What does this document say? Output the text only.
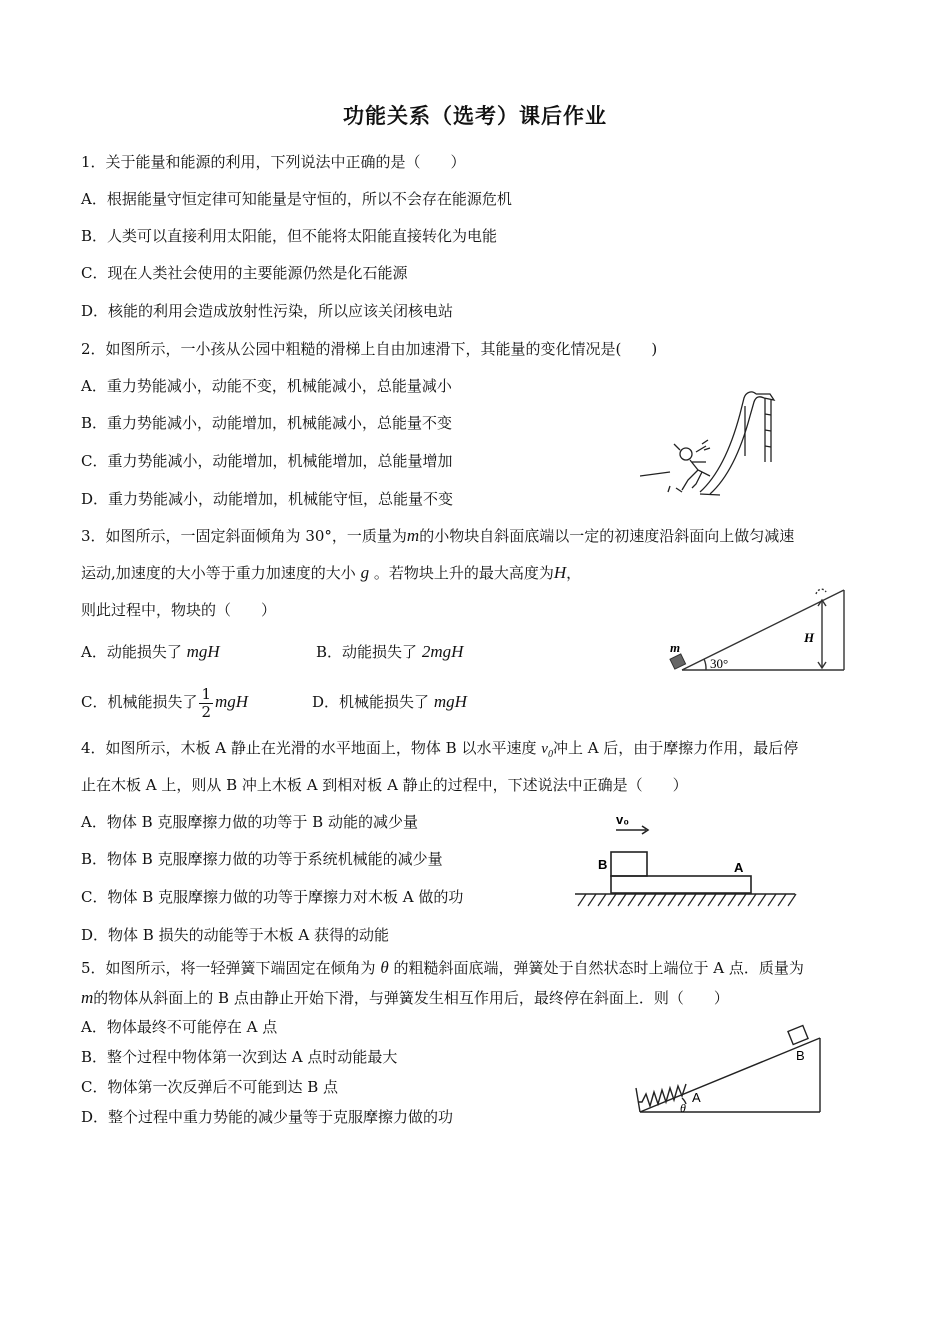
功能关系（选考）课后作业
1．关于能量和能源的利用，下列说法中正确的是（　　）
A．根据能量守恒定律可知能量是守恒的，所以不会存在能源危机
B．人类可以直接利用太阳能，但不能将太阳能直接转化为电能
C．现在人类社会使用的主要能源仍然是化石能源
D．核能的利用会造成放射性污染，所以应该关闭核电站
2．如图所示，一小孩从公园中粗糙的滑梯上自由加速滑下，其能量的变化情况是(　　)
A．重力势能减小，动能不变，机械能减小，总能量减小
B．重力势能减小，动能增加，机械能减小，总能量不变
C．重力势能减小，动能增加，机械能增加，总能量增加
D．重力势能减小，动能增加，机械能守恒，总能量不变
3．如图所示，一固定斜面倾角为 30°，一质量为m的小物块自斜面底端以一定的初速度沿斜面向上做匀减速
运动,加速度的大小等于重力加速度的大小 g 。若物块上升的最大高度为H，
则此过程中，物块的（　　）
A．动能损失了 mgH	B．动能损失了 2mgH
C．机械能损失了 $\frac{1}{2}$ mgH	D．机械能损失了 mgH
m
H
30°
4．如图所示，木板 A 静止在光滑的水平地面上，物体 B 以水平速度 $v_0$冲上 A 后，由于摩擦力作用，最后停
止在木板 A 上，则从 B 冲上木板 A 到相对板 A 静止的过程中，下述说法中正确是（　　）
A．物体 B 克服摩擦力做的功等于 B 动能的减少量
B．物体 B 克服摩擦力做的功等于系统机械能的减少量
C．物体 B 克服摩擦力做的功等于摩擦力对木板 A 做的功
D．物体 B 损失的动能等于木板 A 获得的动能
v₀
B	A
5．如图所示，将一轻弹簧下端固定在倾角为 θ 的粗糙斜面底端，弹簧处于自然状态时上端位于 A 点．质量为
m的物体从斜面上的 B 点由静止开始下滑，与弹簧发生相互作用后，最终停在斜面上．则（　　）
A．物体最终不可能停在 A 点
B．整个过程中物体第一次到达 A 点时动能最大
C．物体第一次反弹后不可能到达 B 点
D．整个过程中重力势能的减少量等于克服摩擦力做的功
B
A
θ
